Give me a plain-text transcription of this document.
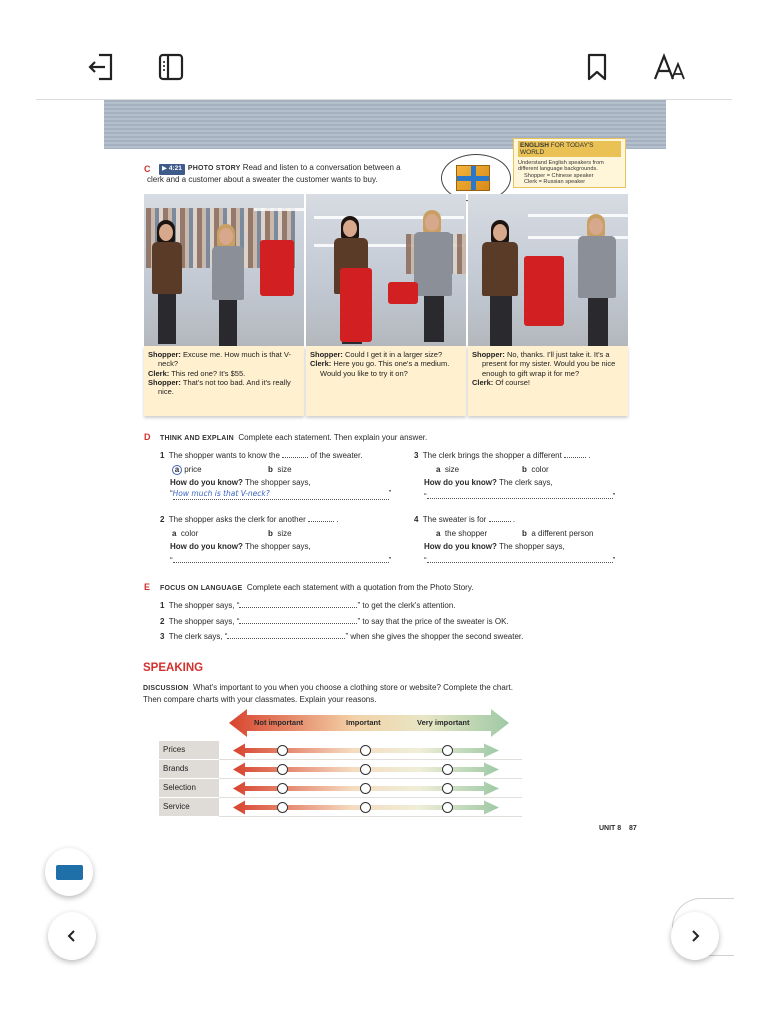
ENGLISH FOR TODAY'S WORLD
Understand English speakers from
different language backgrounds.
Shopper = Chinese speaker
Clerk = Russian speaker
C	▶ 4:21 PHOTO STORY Read and listen to a conversation between a
clerk and a customer about a sweater the customer wants to buy.

Shopper: Excuse me. How much is that V-neck?

Clerk: This red one? It's $55.

Shopper: That's not too bad. And it's really nice.

Shopper: Could I get it in a larger size?

Clerk: Here you go. This one's a medium. Would you like to try it on?

Shopper: No, thanks. I'll just take it. It's a present for my sister. Would you be nice enough to gift wrap it for me?

Clerk: Of course!

D THINK AND EXPLAIN Complete each statement. Then explain your answer.
1 The shopper wants to know the	of the sweater.
a price	b size
How do you know? The shopper says,
“How much is that V-neck?	”
2 The shopper asks the clerk for another	.
a color	b size
How do you know? The shopper says,
“	”
3 The clerk brings the shopper a different	.
a size	b color
How do you know? The clerk says,
“	”
4 The sweater is for	.
a the shopper	b a different person
How do you know? The shopper says,
“	”
E FOCUS ON LANGUAGE Complete each statement with a quotation from the Photo Story.
1 The shopper says, “	” to get the clerk's attention.
2 The shopper says, “	” to say that the price of the sweater is OK.
3 The clerk says, “	” when she gives the shopper the second sweater.
SPEAKING
DISCUSSION What's important to you when you choose a clothing store or website? Complete the chart.
Then compare charts with your classmates. Explain your reasons.
Not important	Important	Very important
Prices
Brands
Selection
Service
UNIT 8 87
